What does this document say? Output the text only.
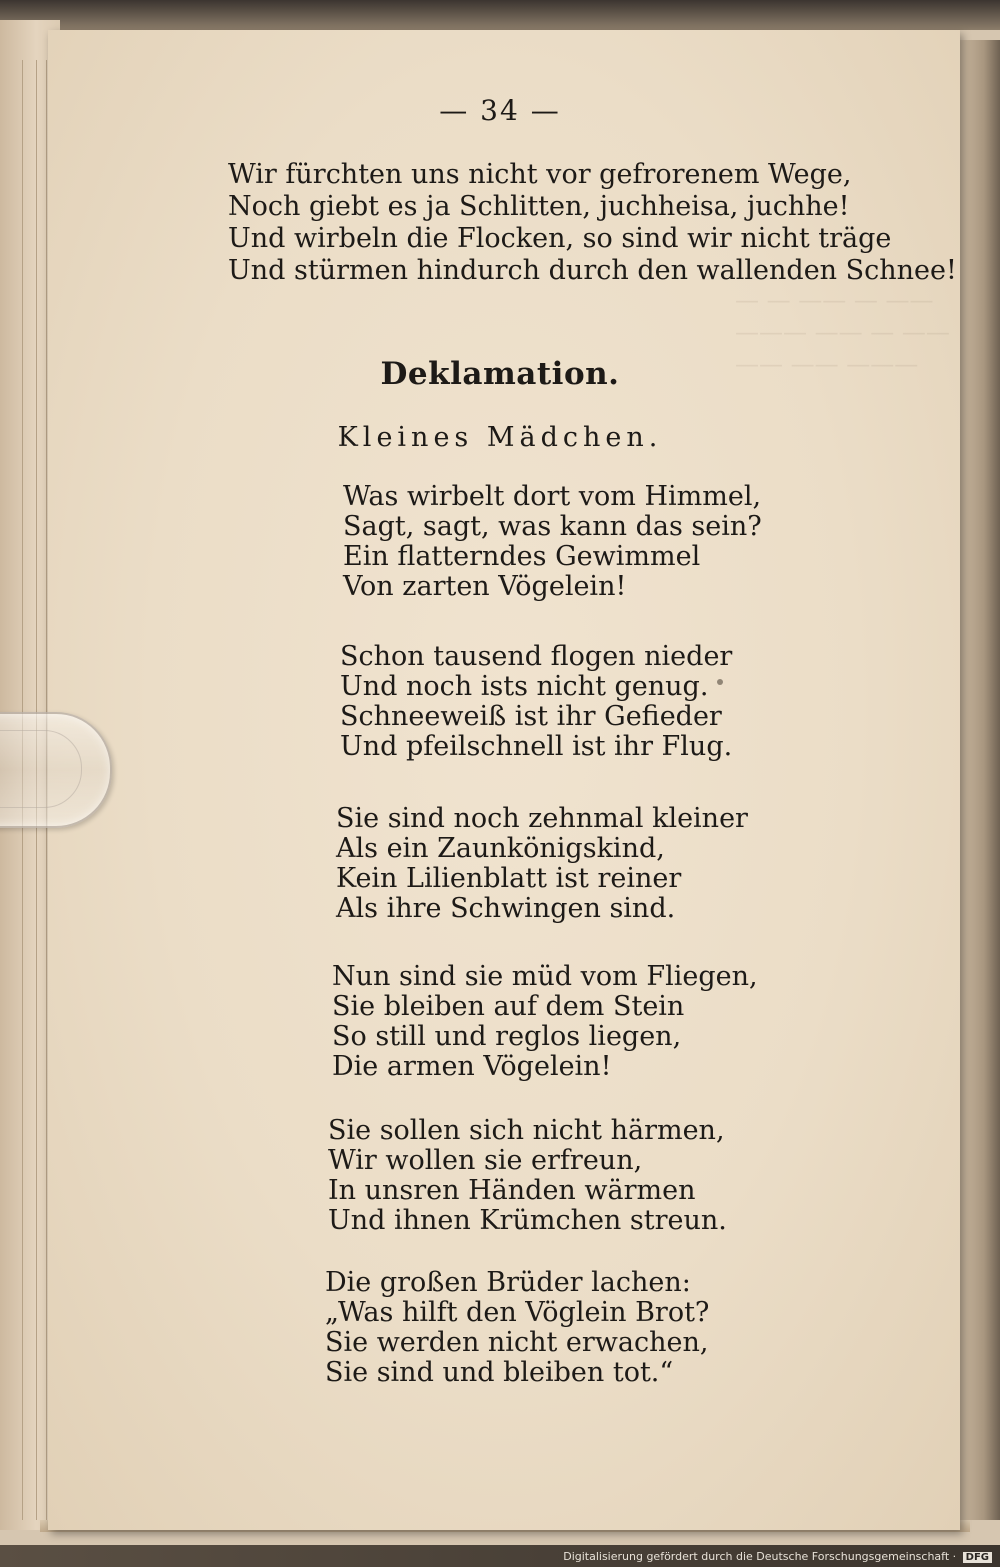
— — —— — ——
——— —— — ——
—— —— ———
— 34 —
Wir fürchten uns nicht vor gefrorenem Wege,
Noch giebt es ja Schlitten, juchheisa, juchhe!
Und wirbeln die Flocken, so sind wir nicht träge
Und stürmen hindurch durch den wallenden Schnee!
Deklamation.
Kleines Mädchen.
Was wirbelt dort vom Himmel,
Sagt, sagt, was kann das sein?
Ein flatterndes Gewimmel
Von zarten Vögelein!
Schon tausend flogen nieder
Und noch ists nicht genug.
Schneeweiß ist ihr Gefieder
Und pfeilschnell ist ihr Flug.
Sie sind noch zehnmal kleiner
Als ein Zaunkönigskind,
Kein Lilienblatt ist reiner
Als ihre Schwingen sind.
Nun sind sie müd vom Fliegen,
Sie bleiben auf dem Stein
So still und reglos liegen,
Die armen Vögelein!
Sie sollen sich nicht härmen,
Wir wollen sie erfreun,
In unsren Händen wärmen
Und ihnen Krümchen streun.
Die großen Brüder lachen:
„Was hilft den Vöglein Brot?
Sie werden nicht erwachen,
Sie sind und bleiben tot.“
Digitalisierung gefördert durch die Deutsche Forschungsgemeinschaft · DFG
